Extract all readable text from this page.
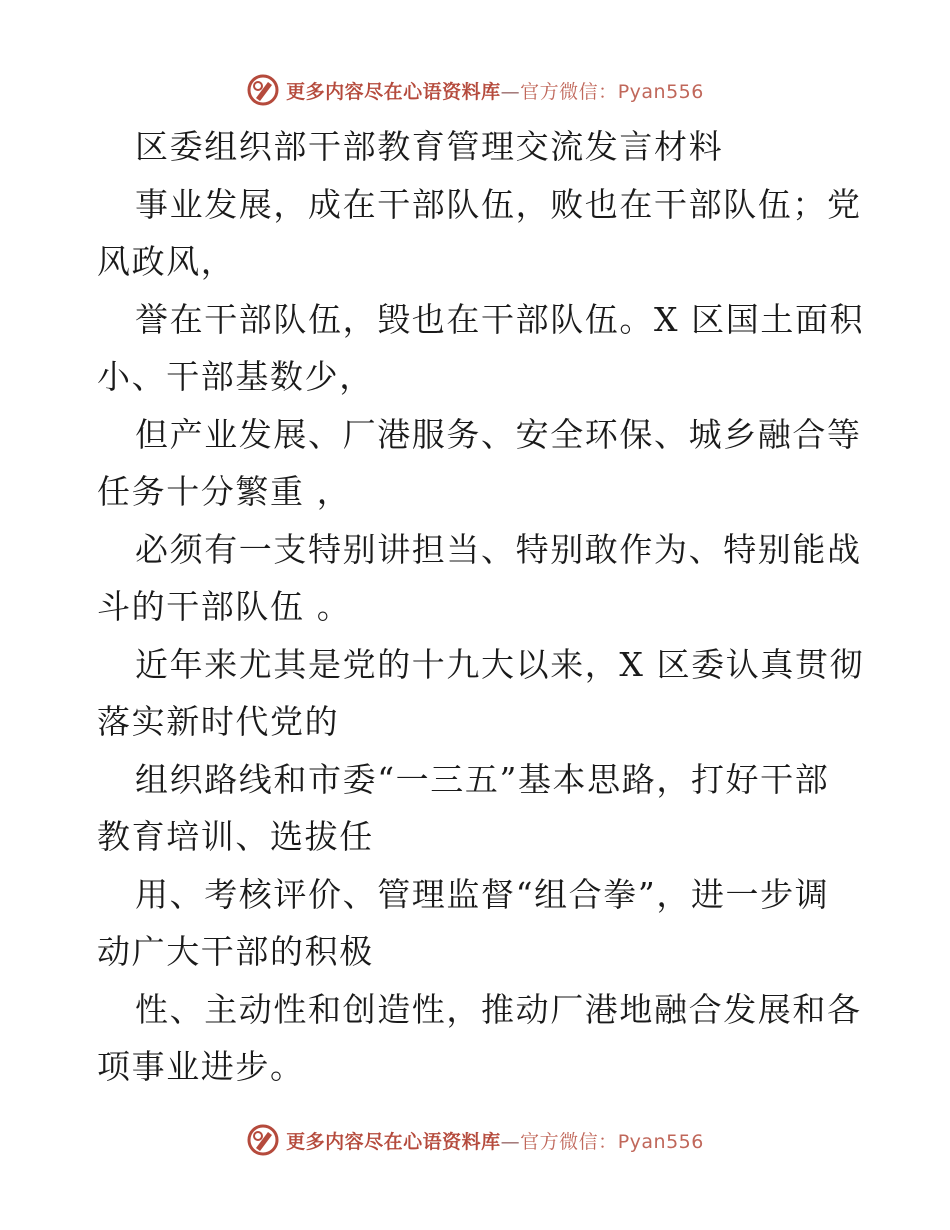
更多内容尽在心语资料库—官方微信：Pyan556
区委组织部干部教育管理交流发言材料
事业发展，成在干部队伍，败也在干部队伍；党
风政风，
誉在干部队伍，毁也在干部队伍。X 区国土面积
小、干部基数少，
但产业发展、厂港服务、安全环保、城乡融合等
任务十分繁重 ，
必须有一支特别讲担当、特别敢作为、特别能战
斗的干部队伍 。
近年来尤其是党的十九大以来，X 区委认真贯彻
落实新时代党的
组织路线和市委“一三五”基本思路，打好干部
教育培训、选拔任
用、考核评价、管理监督“组合拳”，进一步调
动广大干部的积极
性、主动性和创造性，推动厂港地融合发展和各
项事业进步。
更多内容尽在心语资料库—官方微信：Pyan556
